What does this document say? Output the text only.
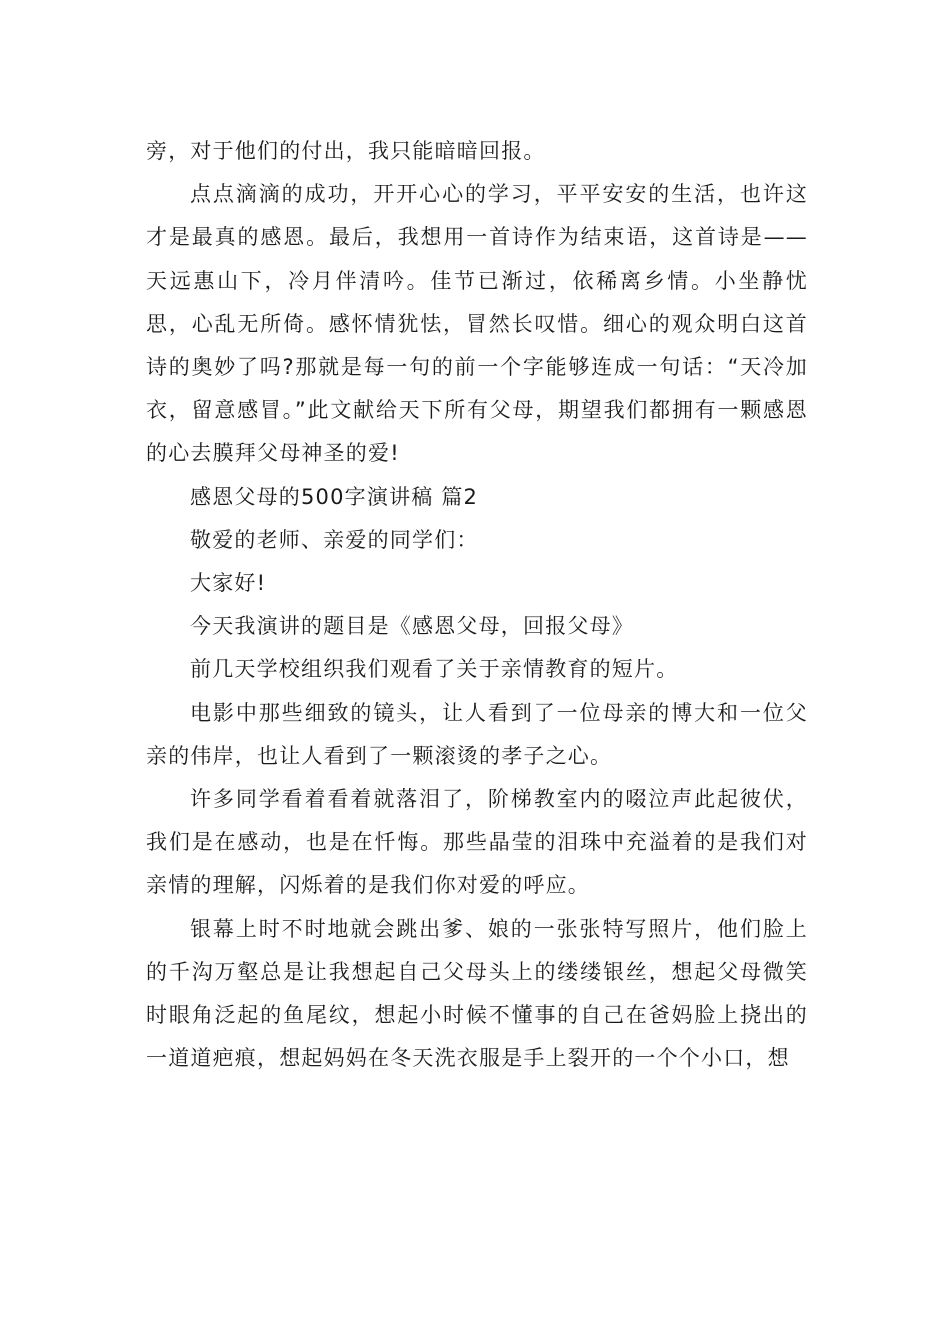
旁，对于他们的付出，我只能暗暗回报。

点点滴滴的成功，开开心心的学习，平平安安的生活，也许这才是最真的感恩。最后，我想用一首诗作为结束语，这首诗是——天远惠山下，冷月伴清吟。佳节已渐过，依稀离乡情。小坐静忧思，心乱无所倚。感怀情犹怯，冒然长叹惜。细心的观众明白这首诗的奥妙了吗?那就是每一句的前一个字能够连成一句话：“天冷加衣，留意感冒。”此文献给天下所有父母，期望我们都拥有一颗感恩的心去膜拜父母神圣的爱!

感恩父母的500字演讲稿 篇2

敬爱的老师、亲爱的同学们：

大家好!

今天我演讲的题目是《感恩父母，回报父母》

前几天学校组织我们观看了关于亲情教育的短片。

电影中那些细致的镜头，让人看到了一位母亲的博大和一位父亲的伟岸，也让人看到了一颗滚烫的孝子之心。

许多同学看着看着就落泪了，阶梯教室内的啜泣声此起彼伏，我们是在感动，也是在忏悔。那些晶莹的泪珠中充溢着的是我们对亲情的理解，闪烁着的是我们你对爱的呼应。

银幕上时不时地就会跳出爹、娘的一张张特写照片，他们脸上的千沟万壑总是让我想起自己父母头上的缕缕银丝，想起父母微笑时眼角泛起的鱼尾纹，想起小时候不懂事的自己在爸妈脸上挠出的一道道疤痕，想起妈妈在冬天洗衣服是手上裂开的一个个小口，想
